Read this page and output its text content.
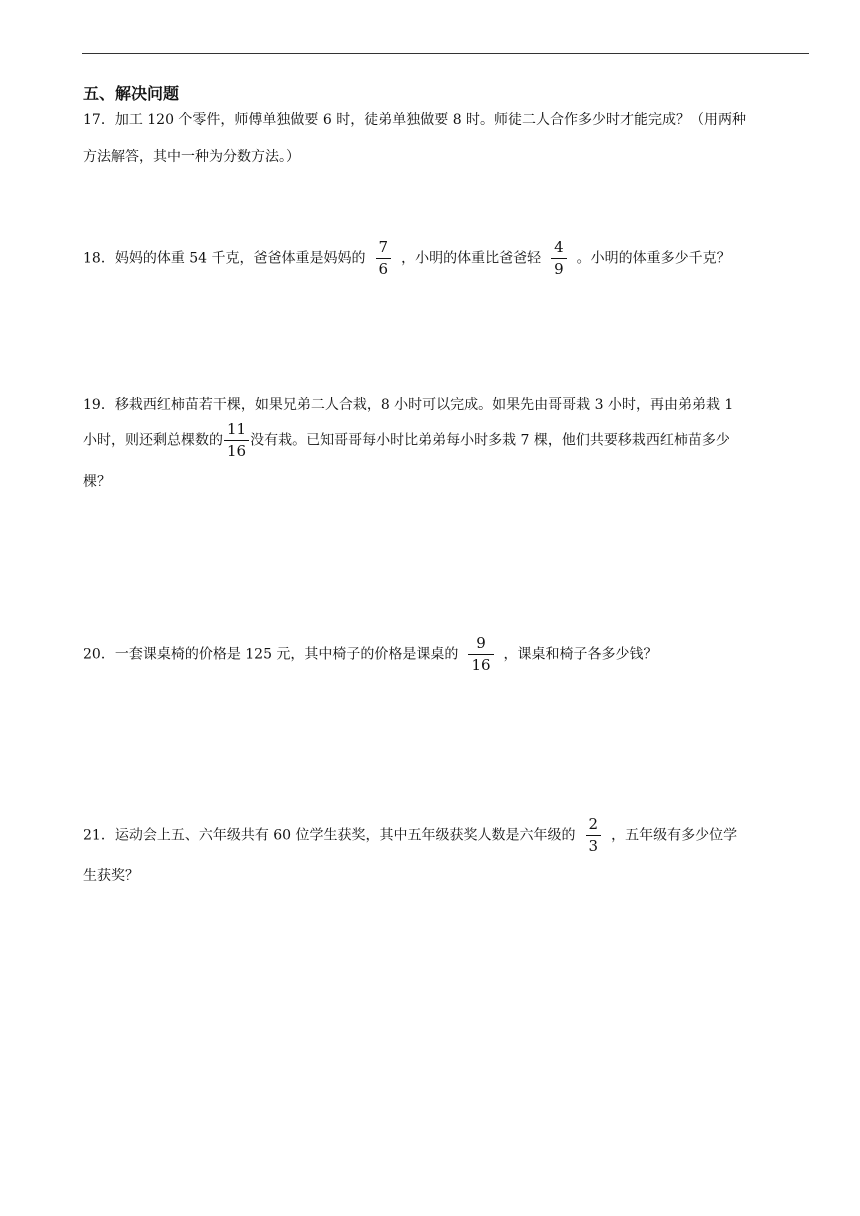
五、解决问题
17．加工 120 个零件，师傅单独做要 6 时，徒弟单独做要 8 时。师徒二人合作多少时才能完成？（用两种
方法解答，其中一种为分数方法。）
18．妈妈的体重 54 千克，爸爸体重是妈妈的 $\frac{7}{6}$ ，小明的体重比爸爸轻 $\frac{4}{9}$ 。小明的体重多少千克？
19．移栽西红柿苗若干棵，如果兄弟二人合栽，8 小时可以完成。如果先由哥哥栽 3 小时，再由弟弟栽 1
小时，则还剩总棵数的 $\frac{11}{16}$ 没有栽。已知哥哥每小时比弟弟每小时多栽 7 棵，他们共要移栽西红柿苗多少
棵？
20．一套课桌椅的价格是 125 元，其中椅子的价格是课桌的 $\frac{9}{16}$ ，课桌和椅子各多少钱？
21．运动会上五、六年级共有 60 位学生获奖，其中五年级获奖人数是六年级的 $\frac{2}{3}$ ，五年级有多少位学
生获奖？
